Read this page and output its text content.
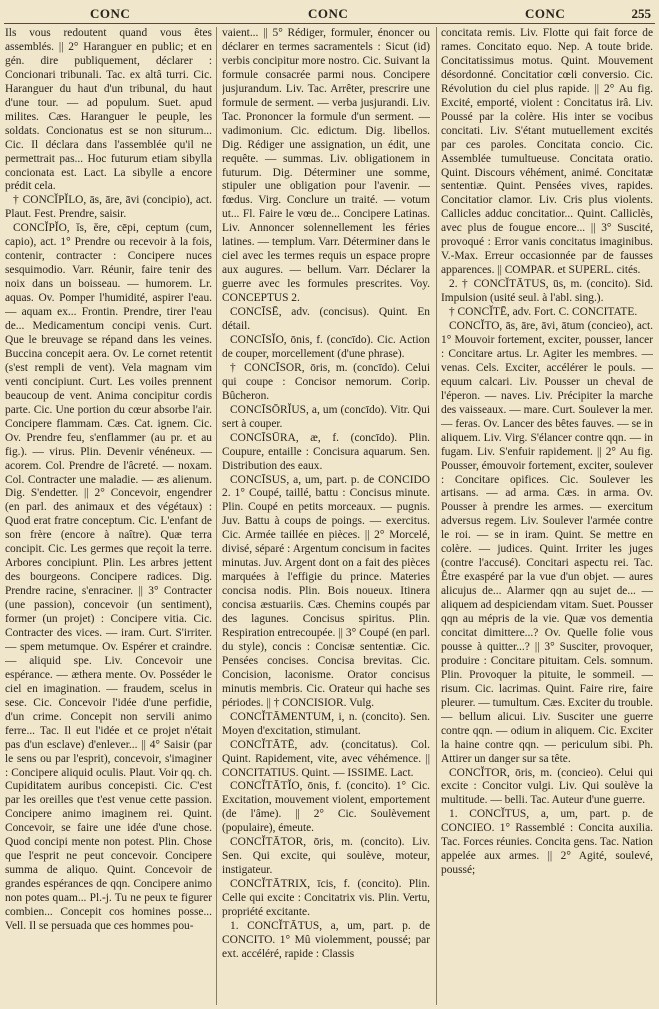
CONC	CONC	CONC	255

Ils vous redoutent quand vous êtes assemblés. || 2° Haranguer en public; et en gén. dire publiquement, déclarer : Concionari tribunali. Tac. ex altâ turri. Cic. Haranguer du haut d'un tribunal, du haut d'une tour. — ad populum. Suet. apud milites. Cæs. Haranguer le peuple, les soldats. Concionatus est se non siturum... Cic. Il déclara dans l'assemblée qu'il ne permettrait pas... Hoc futurum etiam sibylla concionata est. Lact. La sibylle a encore prédit cela.

† CONCĬPĬLO, ās, āre, āvi (concipio), act. Plaut. Fest. Prendre, saisir.

CONCĬPĬO, ĭs, ĕre, cēpi, ceptum (cum, capio), act. 1° Prendre ou recevoir à la fois, contenir, contracter : Concipere nuces sesquimodio. Varr. Réunir, faire tenir des noix dans un boisseau. — humorem. Lr. aquas. Ov. Pomper l'humidité, aspirer l'eau. — aquam ex... Frontin. Prendre, tirer l'eau de... Medicamentum concipi venis. Curt. Que le breuvage se répand dans les veines. Buccina concepit aera. Ov. Le cornet retentit (s'est rempli de vent). Vela magnam vim venti concipiunt. Curt. Les voiles prennent beaucoup de vent. Anima concipitur cordis parte. Cic. Une portion du cœur absorbe l'air. Concipere flammam. Cæs. Cat. ignem. Cic. Ov. Prendre feu, s'enflammer (au pr. et au fig.). — virus. Plin. Devenir vénéneux. — acorem. Col. Prendre de l'âcreté. — noxam. Col. Contracter une maladie. — æs alienum. Dig. S'endetter. || 2° Concevoir, engendrer (en parl. des animaux et des végétaux) : Quod erat fratre conceptum. Cic. L'enfant de son frère (encore à naître). Quæ terra concipit. Cic. Les germes que reçoit la terre. Arbores concipiunt. Plin. Les arbres jettent des bourgeons. Concipere radices. Dig. Prendre racine, s'enraciner. || 3° Contracter (une passion), concevoir (un sentiment), former (un projet) : Concipere vitia. Cic. Contracter des vices. — iram. Curt. S'irriter. — spem metumque. Ov. Espérer et craindre. — aliquid spe. Liv. Concevoir une espérance. — æthera mente. Ov. Posséder le ciel en imagination. — fraudem, scelus in sese. Cic. Concevoir l'idée d'une perfidie, d'un crime. Concepit non servili animo ferre... Tac. Il eut l'idée et ce projet n'était pas d'un esclave) d'enlever... || 4° Saisir (par le sens ou par l'esprit), concevoir, s'imaginer : Concipere aliquid oculis. Plaut. Voir qq. ch. Cupiditatem auribus concepisti. Cic. C'est par les oreilles que t'est venue cette passion. Concipere animo imaginem rei. Quint. Concevoir, se faire une idée d'une chose. Quod concipi mente non potest. Plin. Chose que l'esprit ne peut concevoir. Concipere summa de aliquo. Quint. Concevoir de grandes espérances de qqn. Concipere animo non potes quam... Pl.-j. Tu ne peux te figurer combien... Concepit cos homines posse... Vell. Il se persuada que ces hommes pou-

vaient... || 5° Rédiger, formuler, énoncer ou déclarer en termes sacramentels : Sicut (id) verbis concipitur more nostro. Cic. Suivant la formule consacrée parmi nous. Concipere jusjurandum. Liv. Tac. Arrêter, prescrire une formule de serment. — verba jusjurandi. Liv. Tac. Prononcer la formule d'un serment. — vadimonium. Cic. edictum. Dig. libellos. Dig. Rédiger une assignation, un édit, une requête. — summas. Liv. obligationem in futurum. Dig. Déterminer une somme, stipuler une obligation pour l'avenir. — fœdus. Virg. Conclure un traité. — votum ut... Fl. Faire le vœu de... Concipere Latinas. Liv. Annoncer solennellement les féries latines. — templum. Varr. Déterminer dans le ciel avec les termes requis un espace propre aux augures. — bellum. Varr. Déclarer la guerre avec les formules prescrites. Voy. CONCEPTUS 2.

CONCĪSĒ, adv. (concisus). Quint. En détail.

CONCĪSĬO, ōnis, f. (concīdo). Cic. Action de couper, morcellement (d'une phrase).

† CONCĪSOR, ōris, m. (concīdo). Celui qui coupe : Concisor nemorum. Corip. Bûcheron.

CONCĪSŌRĬUS, a, um (concīdo). Vitr. Qui sert à couper.

CONCĪSŪRA, æ, f. (concīdo). Plin. Coupure, entaille : Concisura aquarum. Sen. Distribution des eaux.

CONCĪSUS, a, um, part. p. de CONCIDO 2. 1° Coupé, taillé, battu : Concisus minute. Plin. Coupé en petits morceaux. — pugnis. Juv. Battu à coups de poings. — exercitus. Cic. Armée taillée en pièces. || 2° Morcelé, divisé, séparé : Argentum concisum in facites minutas. Juv. Argent dont on a fait des pièces marquées à l'effigie du prince. Materies concisa nodis. Plin. Bois noueux. Itinera concisa æstuariis. Cæs. Chemins coupés par des lagunes. Concisus spiritus. Plin. Respiration entrecoupée. || 3° Coupé (en parl. du style), concis : Concisæ sententiæ. Cic. Pensées concises. Concisa brevitas. Cic. Concision, laconisme. Orator concisus minutis membris. Cic. Orateur qui hache ses périodes. || † CONCISIOR. Vulg.

CONCĬTĀMENTUM, i, n. (concito). Sen. Moyen d'excitation, stimulant.

CONCĬTĀTĒ, adv. (concitatus). Col. Quint. Rapidement, vite, avec véhémence. || CONCITATIUS. Quint. — ISSIME. Lact.

CONCĬTĀTĬO, ōnis, f. (concito). 1° Cic. Excitation, mouvement violent, emportement (de l'âme). || 2° Cic. Soulèvement (populaire), émeute.

CONCĬTĀTOR, ōris, m. (concito). Liv. Sen. Qui excite, qui soulève, moteur, instigateur.

CONCĬTĀTRIX, īcis, f. (concito). Plin. Celle qui excite : Concitatrix vis. Plin. Vertu, propriété excitante.

1. CONCĬTĀTUS, a, um, part. p. de CONCITO. 1° Mû violemment, poussé; par ext. accéléré, rapide : Classis

concitata remis. Liv. Flotte qui fait force de rames. Concitato equo. Nep. A toute bride. Concitatissimus motus. Quint. Mouvement désordonné. Concitatior cœli conversio. Cic. Révolution du ciel plus rapide. || 2° Au fig. Excité, emporté, violent : Concitatus irâ. Liv. Poussé par la colère. His inter se vocibus concitati. Liv. S'étant mutuellement excités par ces paroles. Concitata concio. Cic. Assemblée tumultueuse. Concitata oratio. Quint. Discours véhément, animé. Concitatæ sententiæ. Quint. Pensées vives, rapides. Concitatior clamor. Liv. Cris plus violents. Callicles adduc concitatior... Quint. Calliclès, avec plus de fougue encore... || 3° Suscité, provoqué : Error vanis concitatus imaginibus. V.-Max. Erreur occasionnée par de fausses apparences. || COMPAR. et SUPERL. cités.

2. † CONCĬTĀTUS, ūs, m. (concito). Sid. Impulsion (usité seul. à l'abl. sing.).

† CONCĬTĒ, adv. Fort. C. CONCITATE.

CONCĬTO, ās, āre, āvi, ātum (concieo), act. 1° Mouvoir fortement, exciter, pousser, lancer : Concitare artus. Lr. Agiter les membres. — venas. Cels. Exciter, accélérer le pouls. — equum calcari. Liv. Pousser un cheval de l'éperon. — naves. Liv. Précipiter la marche des vaisseaux. — mare. Curt. Soulever la mer. — feras. Ov. Lancer des bêtes fauves. — se in aliquem. Liv. Virg. S'élancer contre qqn. — in fugam. Liv. S'enfuir rapidement. || 2° Au fig. Pousser, émouvoir fortement, exciter, soulever : Concitare opifices. Cic. Soulever les artisans. — ad arma. Cæs. in arma. Ov. Pousser à prendre les armes. — exercitum adversus regem. Liv. Soulever l'armée contre le roi. — se in iram. Quint. Se mettre en colère. — judices. Quint. Irriter les juges (contre l'accusé). Concitari aspectu rei. Tac. Être exaspéré par la vue d'un objet. — aures alicujus de... Alarmer qqn au sujet de... — aliquem ad despiciendam vitam. Suet. Pousser qqn au mépris de la vie. Quæ vos dementia concitat dimittere...? Ov. Quelle folie vous pousse à quitter...? || 3° Susciter, provoquer, produire : Concitare pituitam. Cels. somnum. Plin. Provoquer la pituite, le sommeil. — risum. Cic. lacrimas. Quint. Faire rire, faire pleurer. — tumultum. Cæs. Exciter du trouble. — bellum alicui. Liv. Susciter une guerre contre qqn. — odium in aliquem. Cic. Exciter la haine contre qqn. — periculum sibi. Ph. Attirer un danger sur sa tête.

CONCĬTOR, ōris, m. (concieo). Celui qui excite : Concitor vulgi. Liv. Qui soulève la multitude. — belli. Tac. Auteur d'une guerre.

1. CONCĬTUS, a, um, part. p. de CONCIEO. 1° Rassemblé : Concita auxilia. Tac. Forces réunies. Concita gens. Tac. Nation appelée aux armes. || 2° Agité, soulevé, poussé;
